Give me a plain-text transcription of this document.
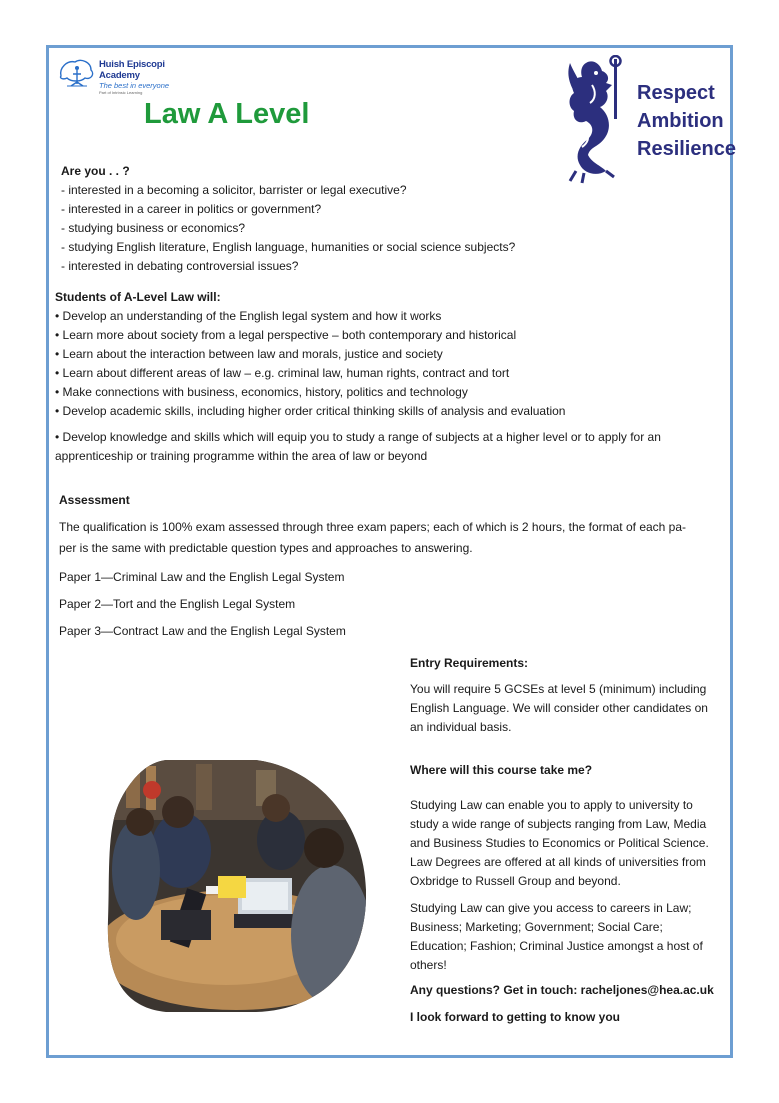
Huish Episcopi Academy
The best in everyone
Part of Intrinsic Learning
Law A Level
Respect
Ambition
Resilience
Are you . . ?
- interested in a becoming a solicitor, barrister or legal executive?
- interested in a career in politics or government?
- studying business or economics?
- studying English literature, English language, humanities or social science subjects?
- interested in debating controversial issues?
Students of A-Level Law will:
• Develop an understanding of the English legal system and how it works
• Learn more about society from a legal perspective – both contemporary and historical
• Learn about the interaction between law and morals, justice and society
• Learn about different areas of law – e.g. criminal law, human rights, contract and tort
• Make connections with business, economics, history, politics and technology
• Develop academic skills, including higher order critical thinking skills of analysis and evaluation
• Develop knowledge and skills which will equip you to study a range of subjects at a higher level or to apply for an
apprenticeship or training programme within the area of law or beyond
Assessment
The qualification is 100% exam assessed through three exam papers; each of which is 2 hours, the format of each pa-
per is the same with predictable question types and approaches to answering.
Paper 1—Criminal Law and the English Legal System
Paper 2—Tort and the English Legal System
Paper 3—Contract Law and the English Legal System

Entry Requirements:

You will require 5 GCSEs at level 5 (minimum) including English Language. We will consider other candidates on an individual basis.

Where will this course take me?

Studying Law can enable you to apply to university to study a wide range of subjects ranging from Law, Media and Business Studies to Economics or Political Science. Law Degrees are offered at all kinds of universities from Oxbridge to Russell Group and beyond.

Studying Law can give you access to careers in Law; Business; Marketing; Government; Social Care; Education; Fashion; Criminal Justice amongst a host of others!

Any questions? Get in touch: racheljones@hea.ac.uk

I look forward to getting to know you
